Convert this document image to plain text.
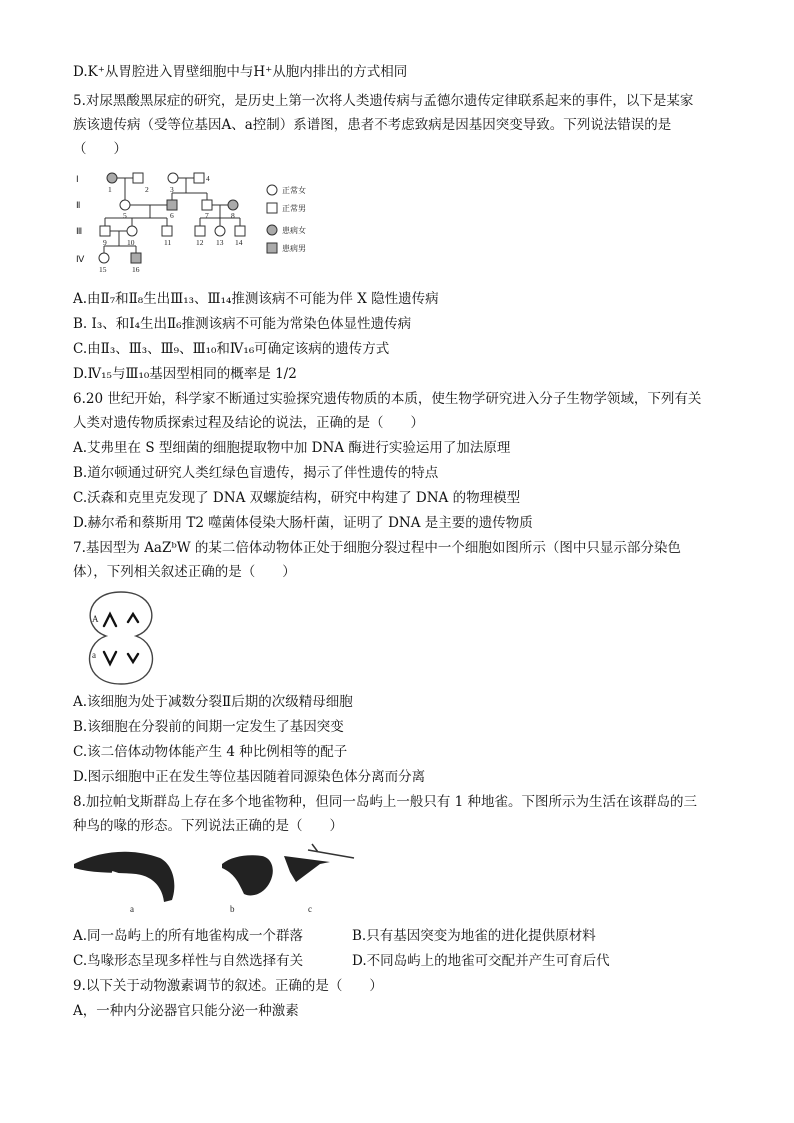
D.K⁺从胃腔进入胃壁细胞中与H⁺从胞内排出的方式相同
5.对尿黑酸黑尿症的研究，是历史上第一次将人类遗传病与孟德尔遗传定律联系起来的事件，以下是某家
族该遗传病（受等位基因A、a控制）系谱图，患者不考虑致病是因基因突变导致。下列说法错误的是
（　　）
Ⅰ
Ⅱ
Ⅲ
Ⅳ
1	2	3
4
5	6	7	8
9	10	11	12 13 14
15	16
正常女
正常男
患病女
患病男
A.由Ⅱ₇和Ⅱ₈生出Ⅲ₁₃、Ⅲ₁₄推测该病不可能为伴 X 隐性遗传病
B. Ⅰ₃、和Ⅰ₄生出Ⅱ₆推测该病不可能为常染色体显性遗传病
C.由Ⅱ₃、Ⅲ₃、Ⅲ₉、Ⅲ₁₀和Ⅳ₁₆可确定该病的遗传方式
D.Ⅳ₁₅与Ⅲ₁₀基因型相同的概率是 1/2
6.20 世纪开始，科学家不断通过实验探究遗传物质的本质，使生物学研究进入分子生物学领域，下列有关
人类对遗传物质探索过程及结论的说法，正确的是（　　）
A.艾弗里在 S 型细菌的细胞提取物中加 DNA 酶进行实验运用了加法原理
B.道尔顿通过研究人类红绿色盲遗传，揭示了伴性遗传的特点
C.沃森和克里克发现了 DNA 双螺旋结构，研究中构建了 DNA 的物理模型
D.赫尔希和蔡斯用 T2 噬菌体侵染大肠杆菌，证明了 DNA 是主要的遗传物质
7.基因型为 AaZᵇW 的某二倍体动物体正处于细胞分裂过程中一个细胞如图所示（图中只显示部分染色
体），下列相关叙述正确的是（　　）
A
a
A.该细胞为处于减数分裂Ⅱ后期的次级精母细胞
B.该细胞在分裂前的间期一定发生了基因突变
C.该二倍体动物体能产生 4 种比例相等的配子
D.图示细胞中正在发生等位基因随着同源染色体分离而分离
8.加拉帕戈斯群岛上存在多个地雀物种，但同一岛屿上一般只有 1 种地雀。下图所示为生活在该群岛的三
种鸟的喙的形态。下列说法正确的是（　　）
a	b	c
A.同一岛屿上的所有地雀构成一个群落	B.只有基因突变为地雀的进化提供原材料
C.鸟喙形态呈现多样性与自然选择有关	D.不同岛屿上的地雀可交配并产生可育后代
9.以下关于动物激素调节的叙述。正确的是（　　）
A，一种内分泌器官只能分泌一种激素
